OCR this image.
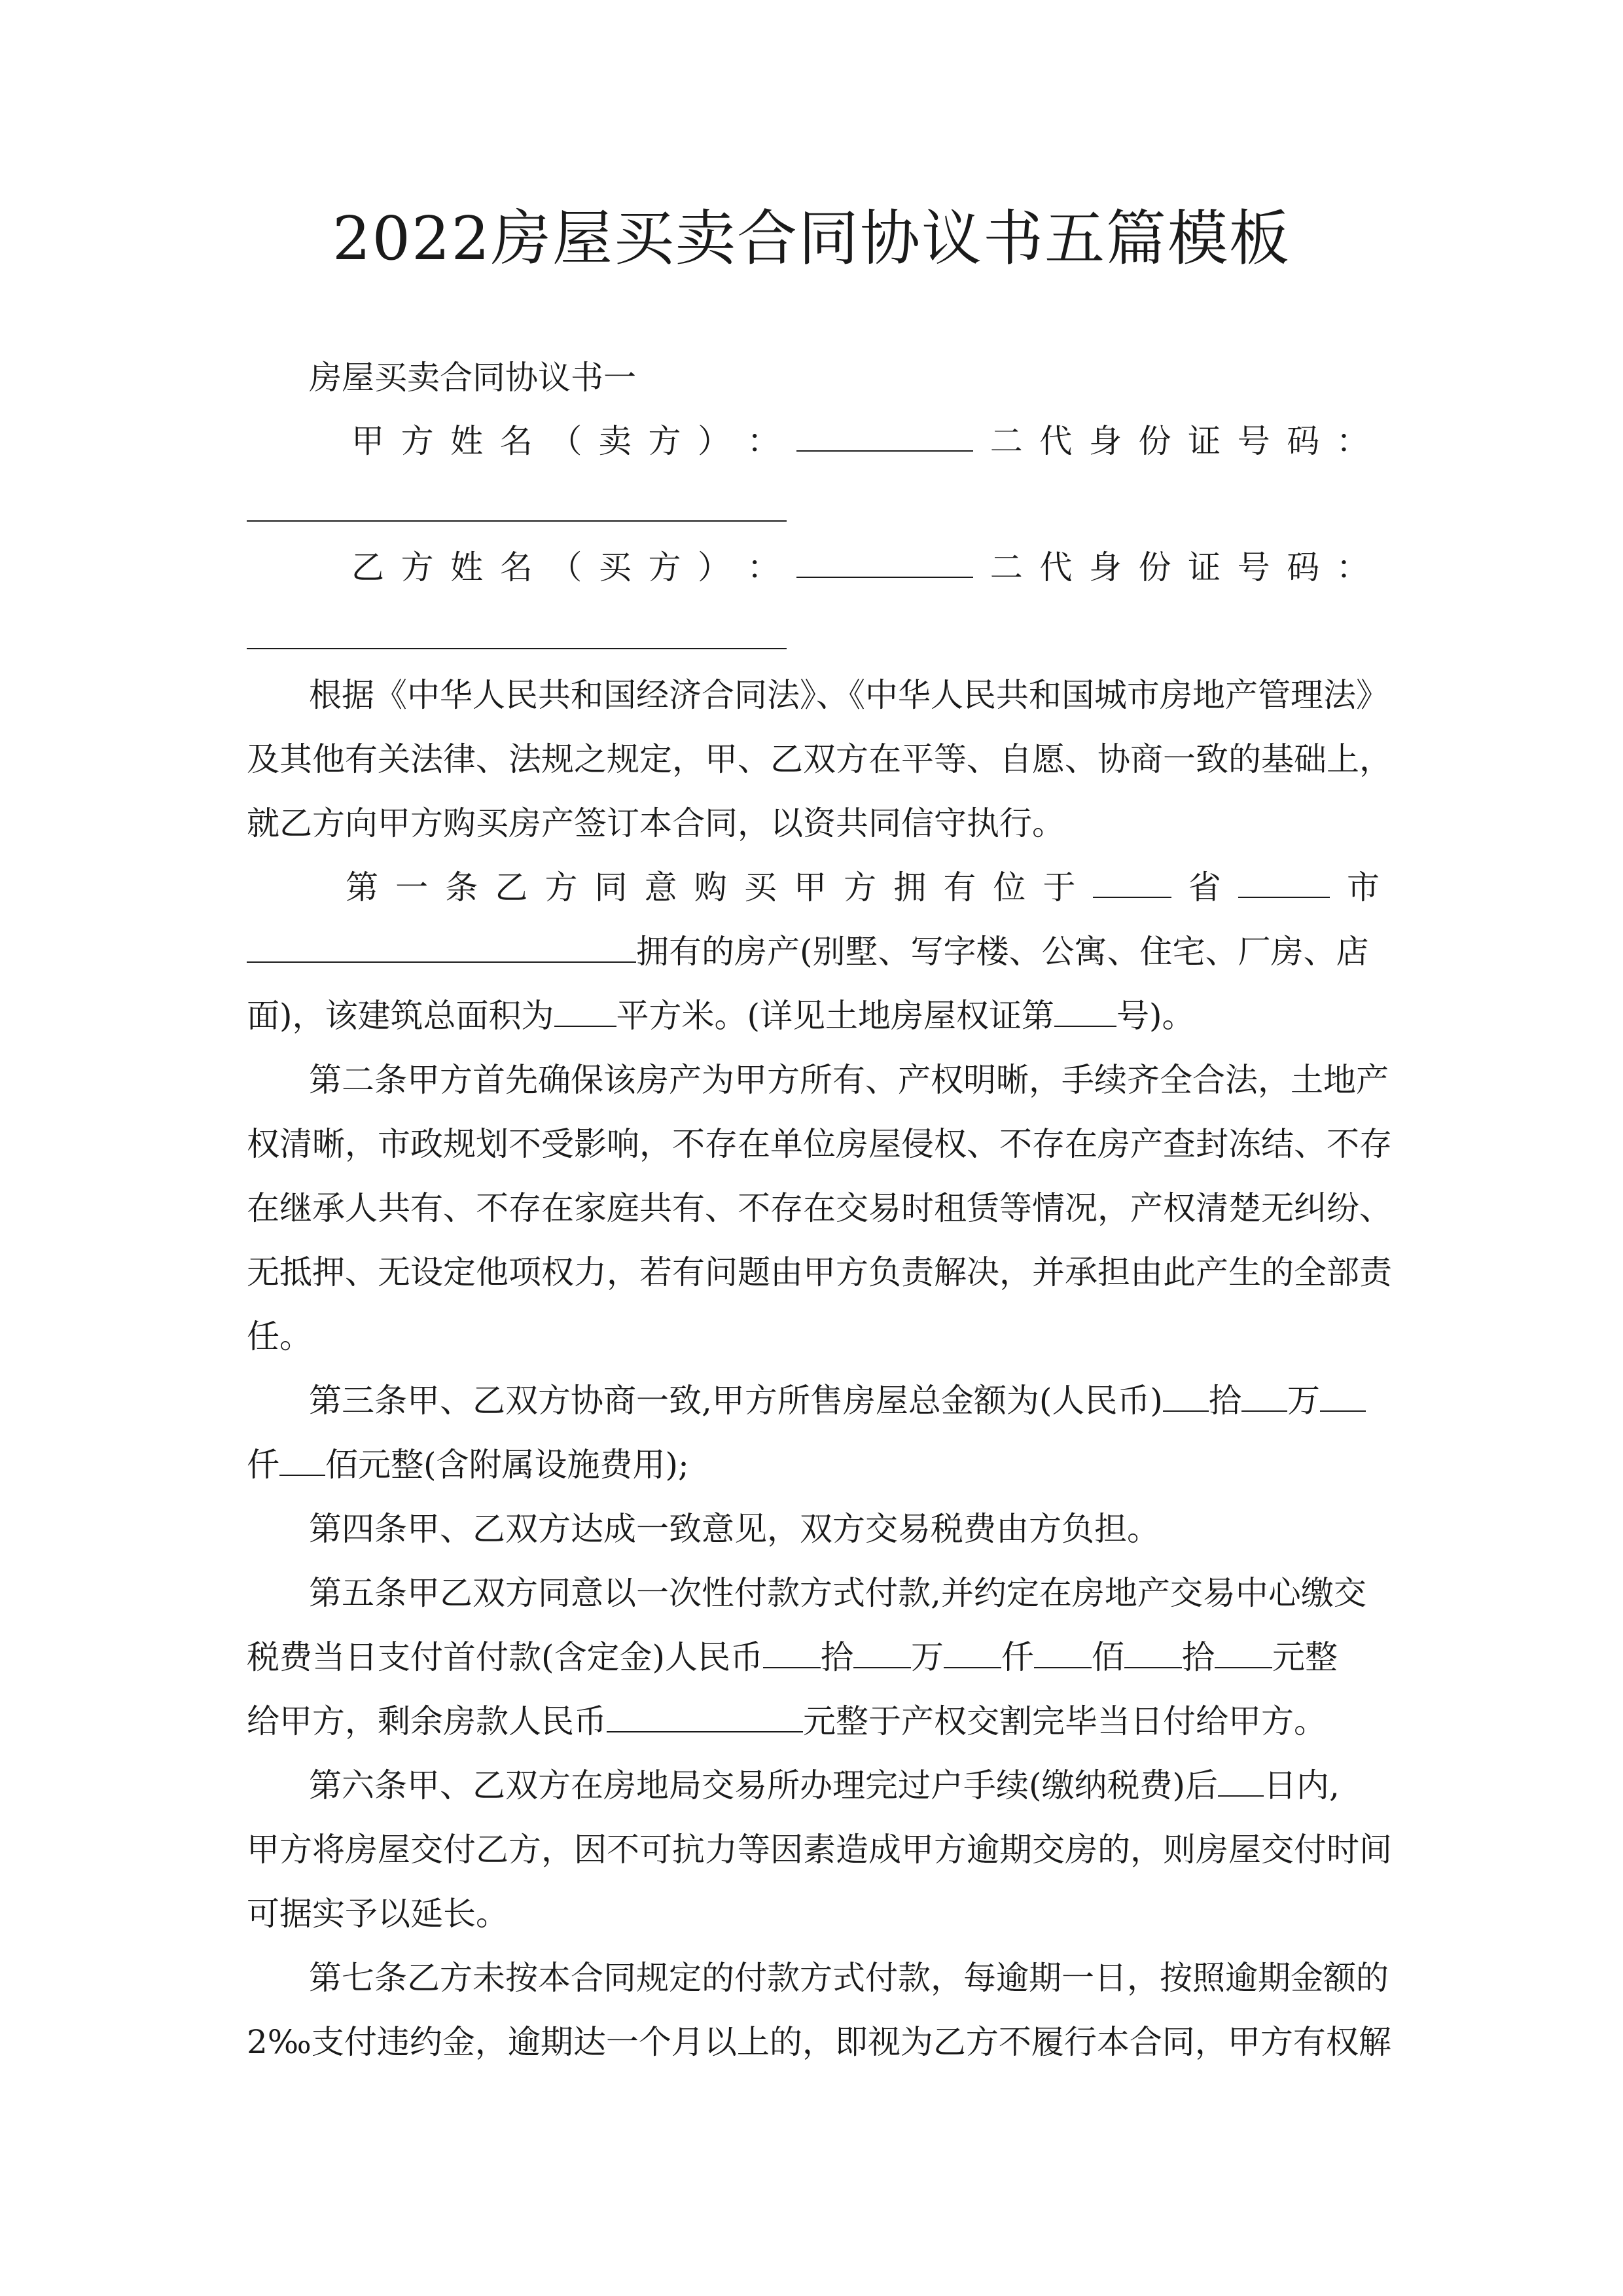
2022房屋买卖合同协议书五篇模板
房屋买卖合同协议书一
甲 方 姓 名 （ 卖 方 ） ：	二 代 身 份 证 号 码 ：
乙 方 姓 名 （ 买 方 ） ：	二 代 身 份 证 号 码 ：
根据《中华人民共和国经济合同法》、《中华人民共和国城市房地产管理法》
及其他有关法律、法规之规定，甲、乙双方在平等、自愿、协商一致的基础上，
就乙方向甲方购买房产签订本合同，以资共同信守执行。
第 一 条 乙 方 同 意 购 买 甲 方 拥 有 位 于	省	市
拥有的房产(别墅、写字楼、公寓、住宅、厂房、店
面)，该建筑总面积为 平方米。(详见土地房屋权证第 号)。
第二条甲方首先确保该房产为甲方所有、产权明晰，手续齐全合法，土地产
权清晰，市政规划不受影响，不存在单位房屋侵权、不存在房产查封冻结、不存
在继承人共有、不存在家庭共有、不存在交易时租赁等情况，产权清楚无纠纷、
无抵押、无设定他项权力，若有问题由甲方负责解决，并承担由此产生的全部责
任。
第三条甲、乙双方协商一致,甲方所售房屋总金额为(人民币) 拾 万
仟 佰元整(含附属设施费用);
第四条甲、乙双方达成一致意见，双方交易税费由方负担。
第五条甲乙双方同意以一次性付款方式付款,并约定在房地产交易中心缴交
税费当日支付首付款(含定金)人民币 拾 万 仟 佰 拾 元整
给甲方，剩余房款人民币	元整于产权交割完毕当日付给甲方。
第六条甲、乙双方在房地局交易所办理完过户手续(缴纳税费)后 日内,
甲方将房屋交付乙方，因不可抗力等因素造成甲方逾期交房的，则房屋交付时间
可据实予以延长。
第七条乙方未按本合同规定的付款方式付款，每逾期一日，按照逾期金额的
2‰支付违约金，逾期达一个月以上的，即视为乙方不履行本合同，甲方有权解
